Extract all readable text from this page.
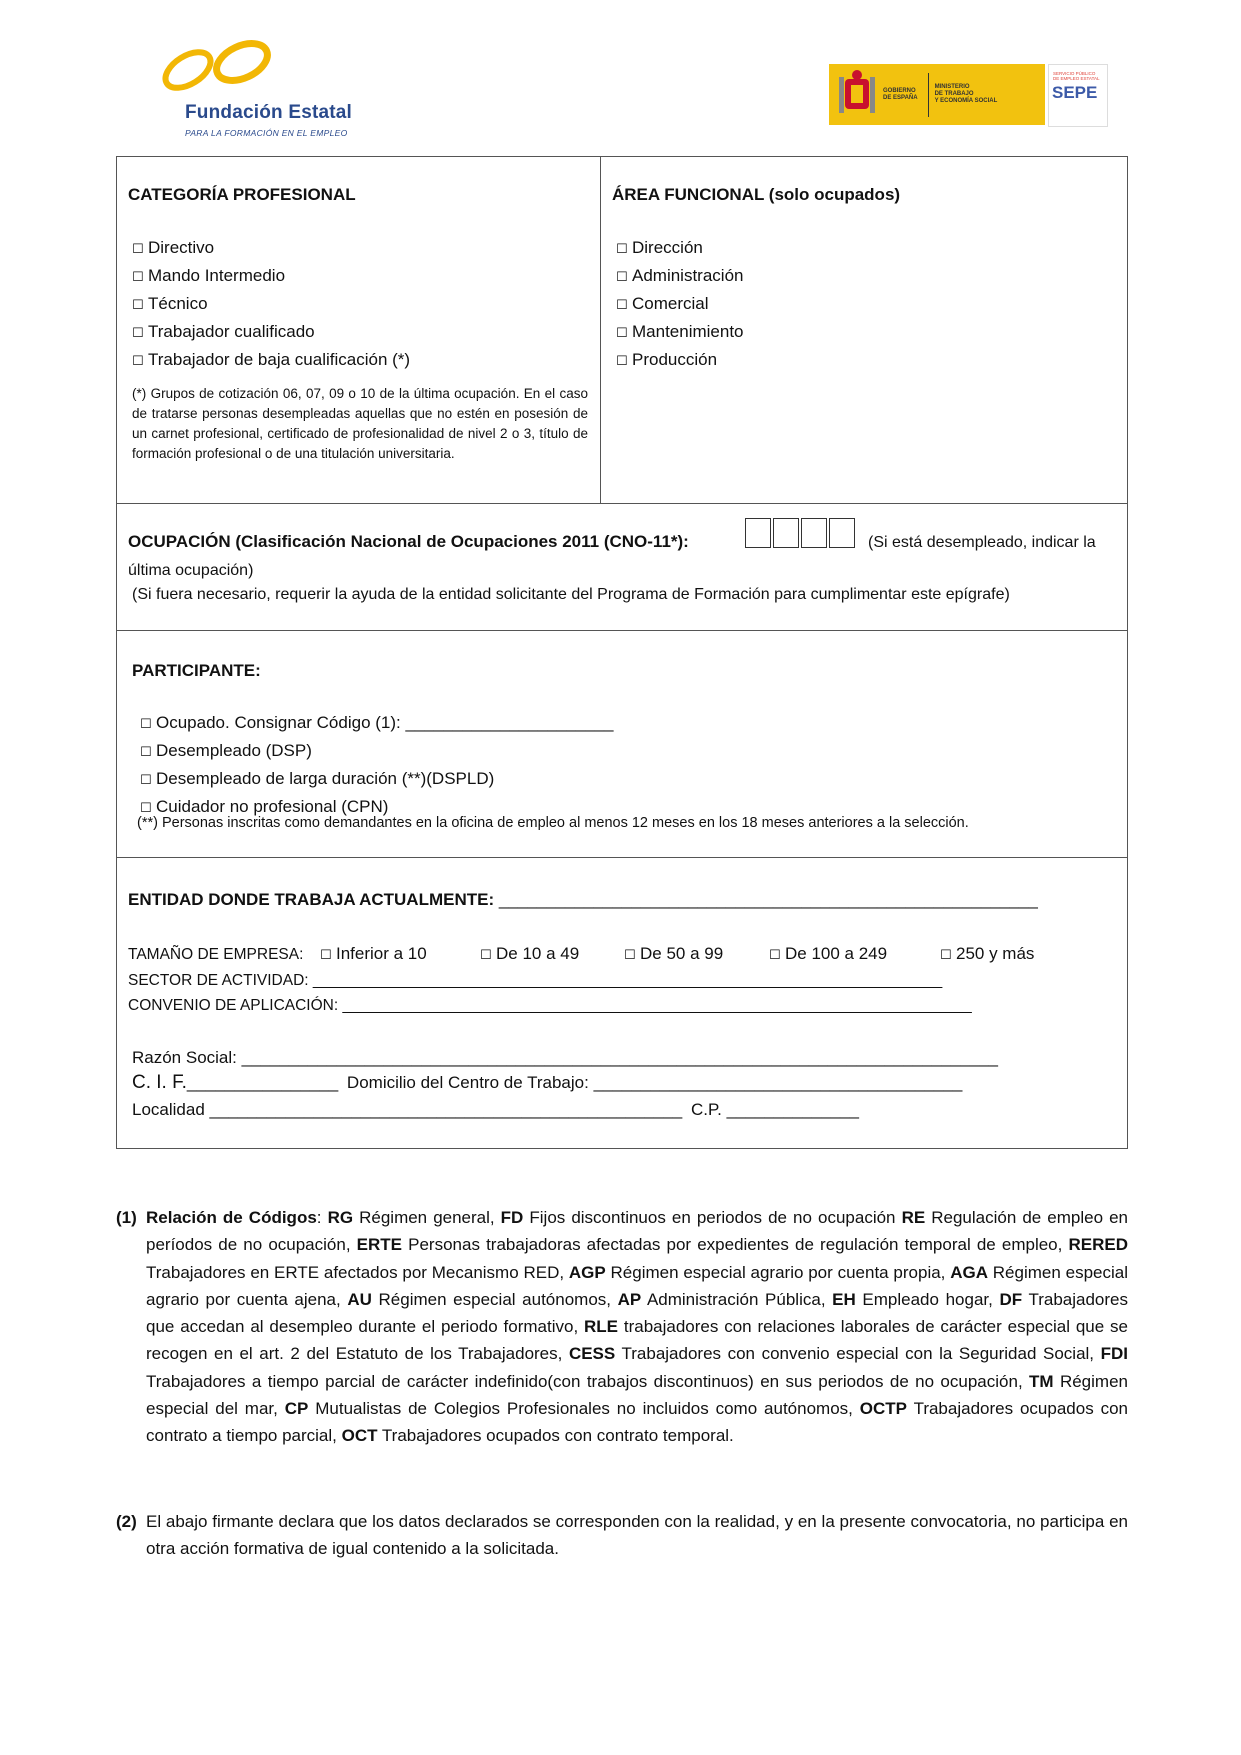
Fundación Estatal
PARA LA FORMACIÓN EN EL EMPLEO
GOBIERNO
DE ESPAÑA
MINISTERIO
DE TRABAJO
Y ECONOMÍA SOCIAL
SERVICIO PÚBLICO
DE EMPLEO ESTATAL
SEPE
CATEGORÍA PROFESIONAL
☐ Directivo
☐ Mando Intermedio
☐ Técnico
☐ Trabajador cualificado
☐ Trabajador de baja cualificación (*)
(*) Grupos de cotización 06, 07, 09 o 10 de la última ocupación. En el caso de tratarse personas desempleadas aquellas que no estén en posesión de un carnet profesional, certificado de profesionalidad de nivel 2 o 3, título de formación profesional o de una titulación universitaria.
ÁREA FUNCIONAL (solo ocupados)
☐ Dirección
☐ Administración
☐ Comercial
☐ Mantenimiento
☐ Producción
OCUPACIÓN (Clasificación Nacional de Ocupaciones 2011 (CNO-11*):	(Si está desempleado, indicar la
última ocupación)
(Si fuera necesario, requerir la ayuda de la entidad solicitante del Programa de Formación para cumplimentar este epígrafe)
PARTICIPANTE:
☐ Ocupado. Consignar Código (1): ______________________
☐ Desempleado (DSP)
☐ Desempleado de larga duración (**)(DSPLD)
☐ Cuidador no profesional (CPN)
(**) Personas inscritas como demandantes en la oficina de empleo al menos 12 meses en los 18 meses anteriores a la selección.
ENTIDAD DONDE TRABAJA ACTUALMENTE: _________________________________________________________
TAMAÑO DE EMPRESA: ☐ Inferior a 10	☐ De 10 a 49	☐ De 50 a 99	☐ De 100 a 249	☐ 250 y más
SECTOR DE ACTIVIDAD: _________________________________________________________________________
CONVENIO DE APLICACIÓN: _________________________________________________________________________
Razón Social: ________________________________________________________________________________
C. I. F.________________ Domicilio del Centro de Trabajo: _______________________________________
Localidad __________________________________________________ C.P. ______________
(1) Relación de Códigos: RG Régimen general, FD Fijos discontinuos en periodos de no ocupación RE Regulación de empleo en períodos de no ocupación, ERTE Personas trabajadoras afectadas por expedientes de regulación temporal de empleo, RERED Trabajadores en ERTE afectados por Mecanismo RED, AGP Régimen especial agrario por cuenta propia, AGA Régimen especial agrario por cuenta ajena, AU Régimen especial autónomos, AP Administración Pública, EH Empleado hogar, DF Trabajadores que accedan al desempleo durante el periodo formativo, RLE trabajadores con relaciones laborales de carácter especial que se recogen en el art. 2 del Estatuto de los Trabajadores, CESS Trabajadores con convenio especial con la Seguridad Social, FDI Trabajadores a tiempo parcial de carácter indefinido(con trabajos discontinuos) en sus periodos de no ocupación, TM Régimen especial del mar, CP Mutualistas de Colegios Profesionales no incluidos como autónomos, OCTP Trabajadores ocupados con contrato a tiempo parcial, OCT Trabajadores ocupados con contrato temporal.
(2) El abajo firmante declara que los datos declarados se corresponden con la realidad, y en la presente convocatoria, no participa en otra acción formativa de igual contenido a la solicitada.
